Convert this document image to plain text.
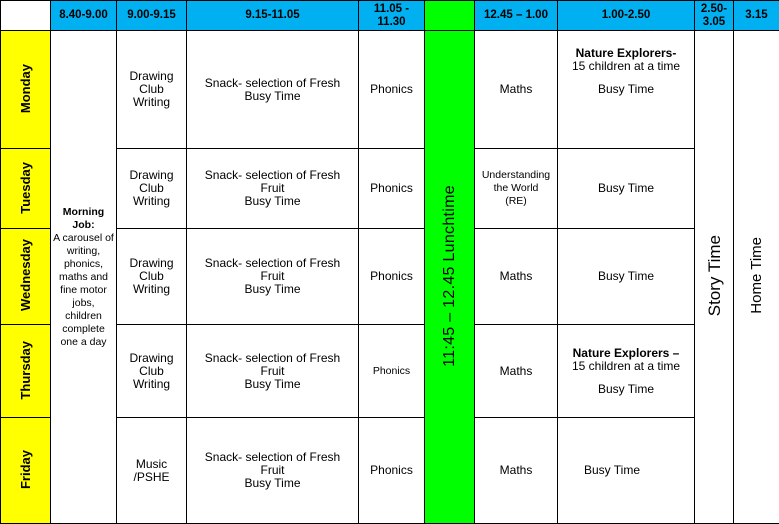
	8.40-9.00	9.00-9.15	9.15-11.05	11.05 - 11.30		12.45 – 1.00	1.00-2.50	2.50-3.05	3.15
Monday	Morning Job:
A carousel of writing, phonics, maths and fine motor jobs, children complete one a day	Drawing
Club
Writing	Snack- selection of Fresh
Busy Time	Phonics	11:45 – 12.45 Lunchtime	Maths	Nature Explorers-
15 children at a time
Busy Time	Story Time	Home Time
Tuesday		Drawing
Club
Writing	Snack- selection of Fresh
Fruit
Busy Time	Phonics		Understanding
the World
(RE)	Busy Time		
Wednesday		Drawing
Club
Writing	Snack- selection of Fresh
Fruit
Busy Time	Phonics		Maths	Busy Time		
Thursday		Drawing
Club
Writing	Snack- selection of Fresh
Fruit
Busy Time	Phonics		Maths	Nature Explorers –
15 children at a time
Busy Time		

Friday		Music
/PSHE	Snack- selection of Fresh
Fruit
Busy Time	Phonics		Maths	Busy Time		
